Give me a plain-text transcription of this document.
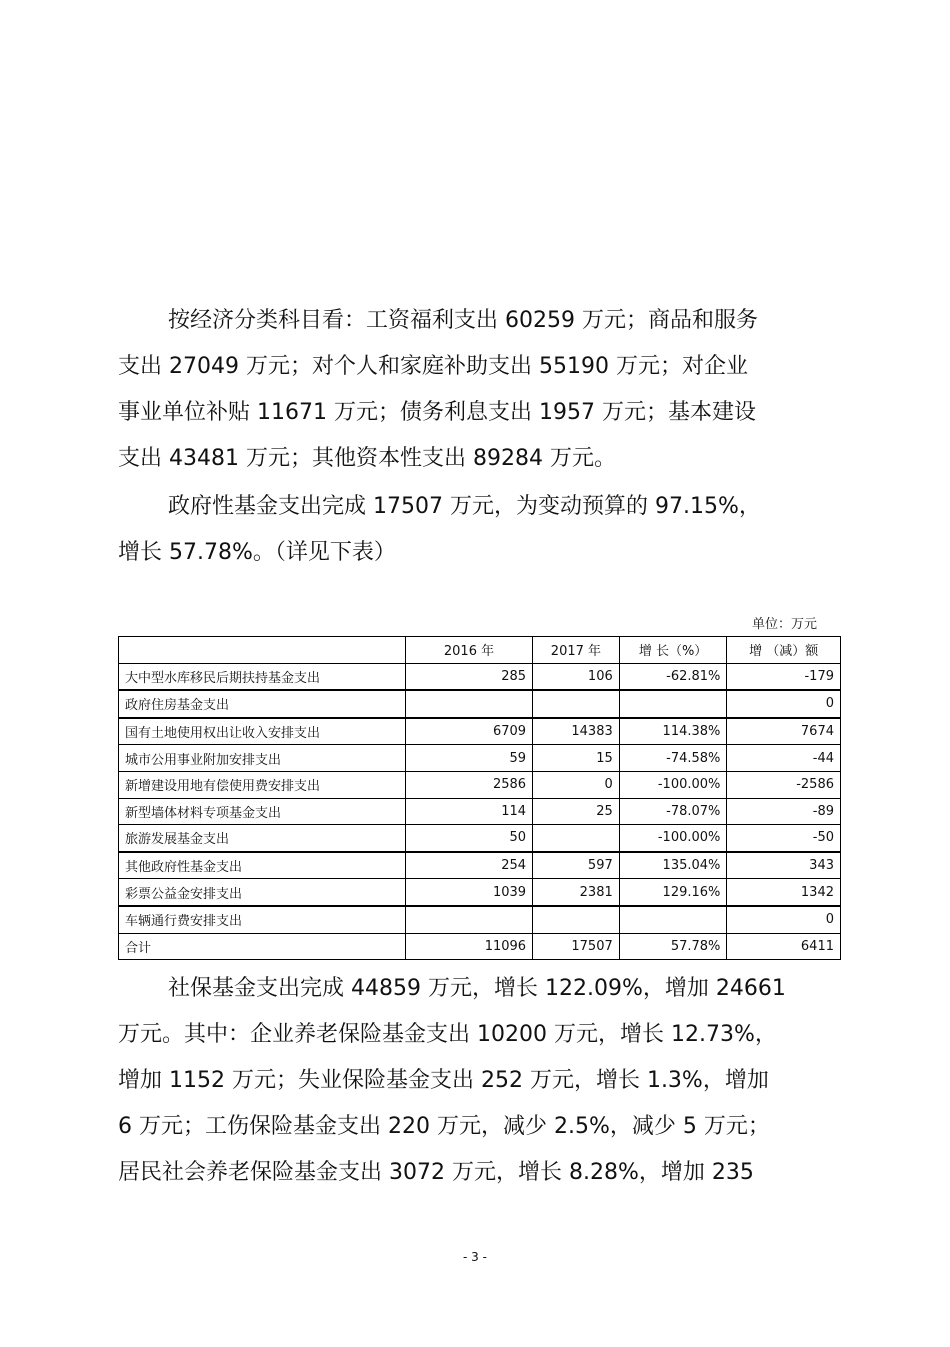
按经济分类科目看：工资福利支出 60259 万元；商品和服务

支出 27049 万元；对个人和家庭补助支出 55190 万元；对企业

事业单位补贴 11671 万元；债务利息支出 1957 万元；基本建设

支出 43481 万元；其他资本性支出 89284 万元。

政府性基金支出完成 17507 万元，为变动预算的 97.15%，

增长 57.78%。（详见下表）

单位：万元
	2016 年	2017 年	增 长（%）	增 （减）额
大中型水库移民后期扶持基金支出	285	106	-62.81%	-179
政府住房基金支出				0
国有土地使用权出让收入安排支出	6709	14383	114.38%	7674
城市公用事业附加安排支出	59	15	-74.58%	-44
新增建设用地有偿使用费安排支出	2586	0	-100.00%	-2586
新型墙体材料专项基金支出	114	25	-78.07%	-89
旅游发展基金支出	50		-100.00%	-50
其他政府性基金支出	254	597	135.04%	343
彩票公益金安排支出	1039	2381	129.16%	1342
车辆通行费安排支出				0
合计	11096	17507	57.78%	6411

社保基金支出完成 44859 万元，增长 122.09%，增加 24661

万元。其中：企业养老保险基金支出 10200 万元，增长 12.73%，

增加 1152 万元；失业保险基金支出 252 万元，增长 1.3%，增加

6 万元；工伤保险基金支出 220 万元，减少 2.5%，减少 5 万元；

居民社会养老保险基金支出 3072 万元，增长 8.28%，增加 235

- 3 -
